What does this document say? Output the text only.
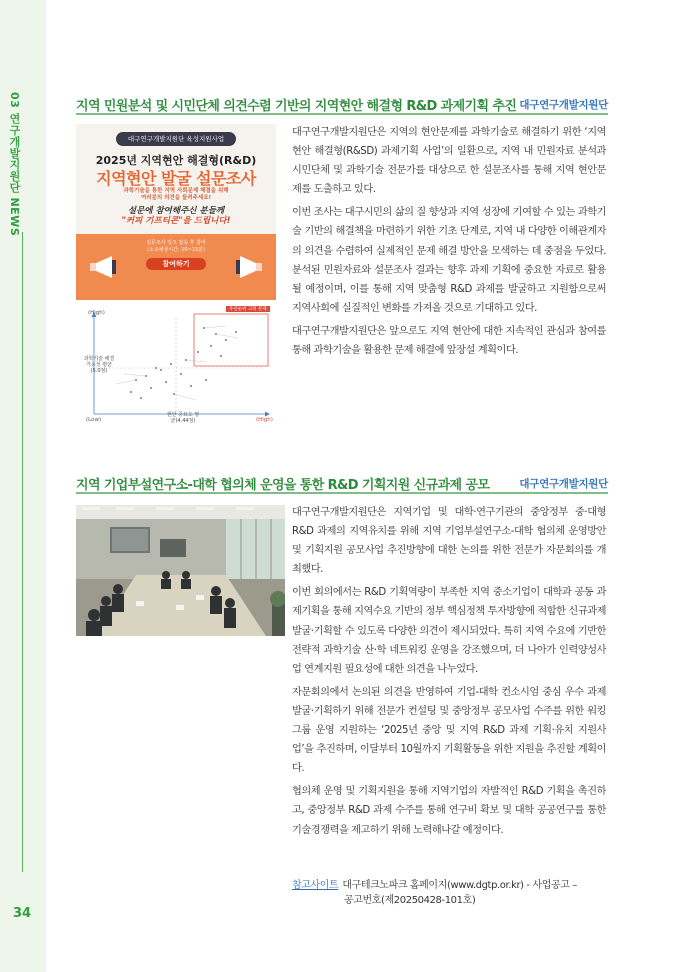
03 연구개발지원단 NEWS
34
지역 민원분석 및 시민단체 의견수렴 기반의 지역현안 해결형 R&D 과제기획 추진 대구연구개발지원단
대구연구개발지원단 육성지원사업
2025년 지역현안 해결형(R&D)
지역현안 발굴 설문조사
과학기술을 통한 지역 사회문제 해결을 위해
여러분의 의견을 들려주세요!
설문에 참여해주신 분들께
"커피 기프티콘"을 드립니다!
설문조사 링크 접속 후 참여
(소요예상시간: 10~15분)
참여하기
우선순위 고려 문제
(High)
(Low)	(High)
과학기술 해결가능성 평균(5.0점)
현안 중요도 평균(4.44점)

대구연구개발지원단은 지역의 현안문제를 과학기술로 해결하기 위한 ‘지역현안 해결형(R&SD) 과제기획 사업’의 일환으로, 지역 내 민원자료 분석과 시민단체 및 과학기술 전문가를 대상으로 한 설문조사를 통해 지역 현안문제를 도출하고 있다.

이번 조사는 대구시민의 삶의 질 향상과 지역 성장에 기여할 수 있는 과학기술 기반의 해결책을 마련하기 위한 기초 단계로, 지역 내 다양한 이해관계자의 의견을 수렴하여 실제적인 문제 해결 방안을 모색하는 데 중점을 두었다. 분석된 민원자료와 설문조사 결과는 향후 과제 기획에 중요한 자료로 활용될 예정이며, 이를 통해 지역 맞춤형 R&D 과제를 발굴하고 지원함으로써 지역사회에 실질적인 변화를 가져올 것으로 기대하고 있다.

대구연구개발지원단은 앞으로도 지역 현안에 대한 지속적인 관심과 참여를 통해 과학기술을 활용한 문제 해결에 앞장설 계획이다.

지역 기업부설연구소-대학 협의체 운영을 통한 R&D 기획지원 신규과제 공모	대구연구개발지원단

대구연구개발지원단은 지역기업 및 대학·연구기관의 중앙정부 중·대형 R&D 과제의 지역유치를 위해 지역 기업부설연구소-대학 협의체 운영방안 및 기획지원 공모사업 추진방향에 대한 논의를 위한 전문가 자문회의를 개최했다.

이번 회의에서는 R&D 기획역량이 부족한 지역 중소기업이 대학과 공동 과제기획을 통해 지역수요 기반의 정부 핵심정책 투자방향에 적합한 신규과제 발굴·기획할 수 있도록 다양한 의견이 제시되었다. 특히 지역 수요에 기반한 전략적 과학기술 산·학 네트워킹 운영을 강조했으며, 더 나아가 인력양성사업 연계지원 필요성에 대한 의견을 나누었다.

자문회의에서 논의된 의견을 반영하여 기업-대학 컨소시엄 중심 우수 과제 발굴·기획하기 위해 전문가 컨설팅 및 중앙정부 공모사업 수주를 위한 워킹그룹 운영 지원하는 ‘2025년 중앙 및 지역 R&D 과제 기획·유치 지원사업’을 추진하며, 이달부터 10월까지 기획활동을 위한 지원을 추진할 계획이다.

협의체 운영 및 기획지원을 통해 지역기업의 자발적인 R&D 기획을 촉진하고, 중앙정부 R&D 과제 수주를 통해 연구비 확보 및 대학 공공연구를 통한 기술경쟁력을 제고하기 위해 노력해나갈 예정이다.

참고사이트 대구테크노파크 홈페이지(www.dgtp.or.kr) - 사업공고 –
공고번호(제20250428-101호)
